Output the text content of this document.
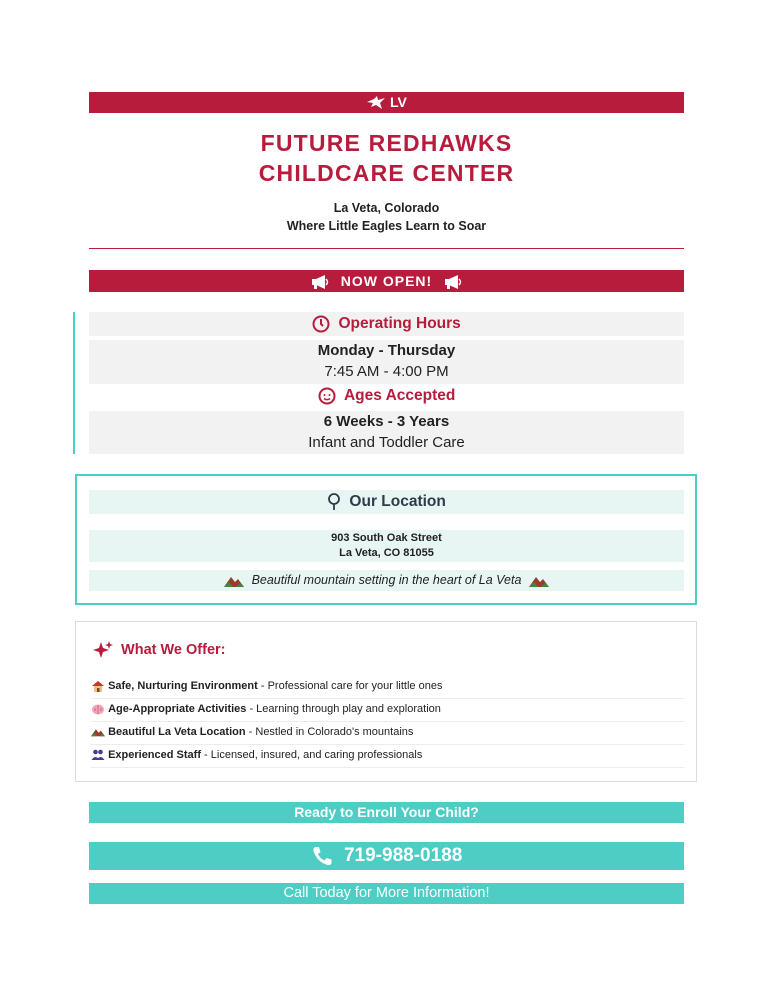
LV
FUTURE REDHAWKS
CHILDCARE CENTER
La Veta, Colorado
Where Little Eagles Learn to Soar
NOW OPEN!
Operating Hours
Monday - Thursday
7:45 AM - 4:00 PM
Ages Accepted
6 Weeks - 3 Years
Infant and Toddler Care
Our Location
903 South Oak Street
La Veta, CO 81055
Beautiful mountain setting in the heart of La Veta
What We Offer:
Safe, Nurturing Environment - Professional care for your little ones
Age-Appropriate Activities - Learning through play and exploration
Beautiful La Veta Location - Nestled in Colorado's mountains
Experienced Staff - Licensed, insured, and caring professionals
Ready to Enroll Your Child?
719-988-0188
Call Today for More Information!
